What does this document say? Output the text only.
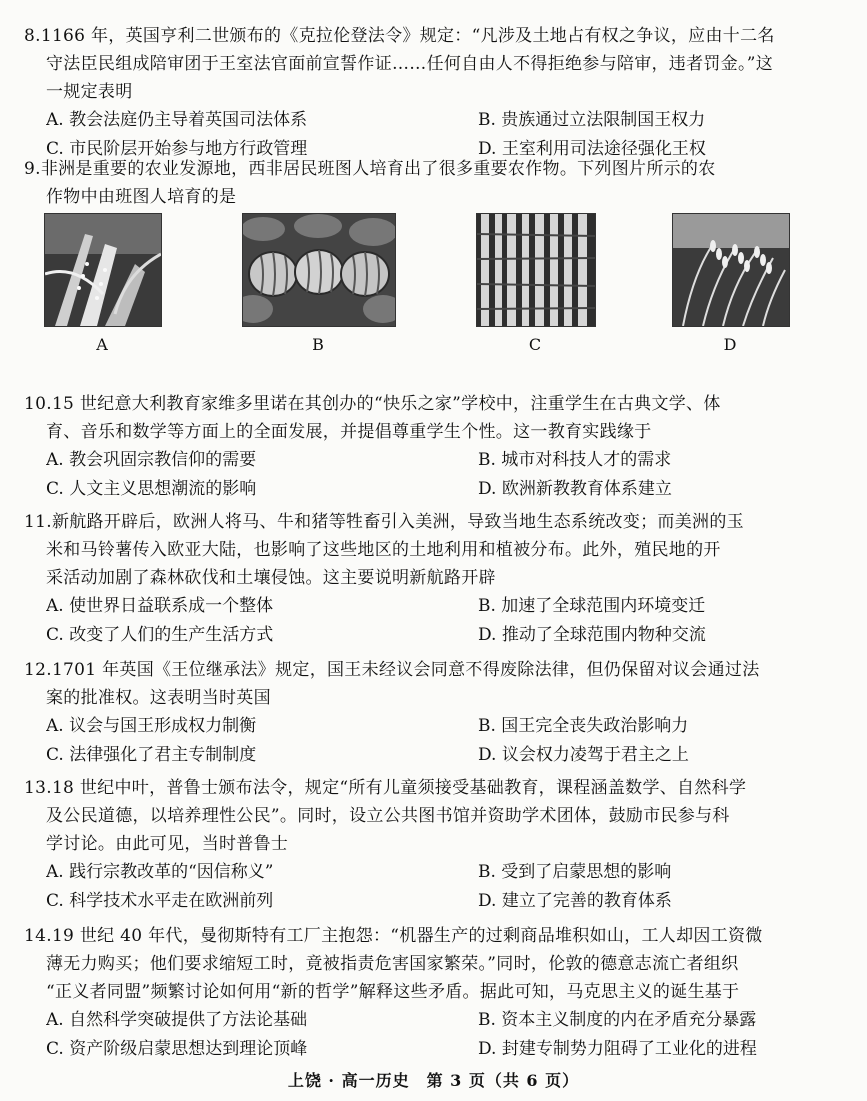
8.1166 年，英国亨利二世颁布的《克拉伦登法令》规定：“凡涉及土地占有权之争议，应由十二名
守法臣民组成陪审团于王室法官面前宣誓作证……任何自由人不得拒绝参与陪审，违者罚金。”这
一规定表明

A. 教会法庭仍主导着英国司法体系	B. 贵族通过立法限制国王权力
C. 市民阶层开始参与地方行政管理	D. 王室利用司法途径强化王权

9.非洲是重要的农业发源地，西非居民班图人培育出了很多重要农作物。下列图片所示的农
作物中由班图人培育的是

A	B	C	D

10.15 世纪意大利教育家维多里诺在其创办的“快乐之家”学校中，注重学生在古典文学、体
育、音乐和数学等方面上的全面发展，并提倡尊重学生个性。这一教育实践缘于

A. 教会巩固宗教信仰的需要	B. 城市对科技人才的需求
C. 人文主义思想潮流的影响	D. 欧洲新教教育体系建立

11.新航路开辟后，欧洲人将马、牛和猪等牲畜引入美洲，导致当地生态系统改变；而美洲的玉
米和马铃薯传入欧亚大陆，也影响了这些地区的土地利用和植被分布。此外，殖民地的开
采活动加剧了森林砍伐和土壤侵蚀。这主要说明新航路开辟

A. 使世界日益联系成一个整体	B. 加速了全球范围内环境变迁
C. 改变了人们的生产生活方式	D. 推动了全球范围内物种交流

12.1701 年英国《王位继承法》规定，国王未经议会同意不得废除法律，但仍保留对议会通过法
案的批准权。这表明当时英国

A. 议会与国王形成权力制衡	B. 国王完全丧失政治影响力
C. 法律强化了君主专制制度	D. 议会权力凌驾于君主之上

13.18 世纪中叶，普鲁士颁布法令，规定“所有儿童须接受基础教育，课程涵盖数学、自然科学
及公民道德，以培养理性公民”。同时，设立公共图书馆并资助学术团体，鼓励市民参与科
学讨论。由此可见，当时普鲁士

A. 践行宗教改革的“因信称义”	B. 受到了启蒙思想的影响
C. 科学技术水平走在欧洲前列	D. 建立了完善的教育体系

14.19 世纪 40 年代，曼彻斯特有工厂主抱怨：“机器生产的过剩商品堆积如山，工人却因工资微
薄无力购买；他们要求缩短工时，竟被指责危害国家繁荣。”同时，伦敦的德意志流亡者组织
“正义者同盟”频繁讨论如何用“新的哲学”解释这些矛盾。据此可知，马克思主义的诞生基于

A. 自然科学突破提供了方法论基础	B. 资本主义制度的内在矛盾充分暴露
C. 资产阶级启蒙思想达到理论顶峰	D. 封建专制势力阻碍了工业化的进程
上饶 · 高一历史　第 3 页（共 6 页）
